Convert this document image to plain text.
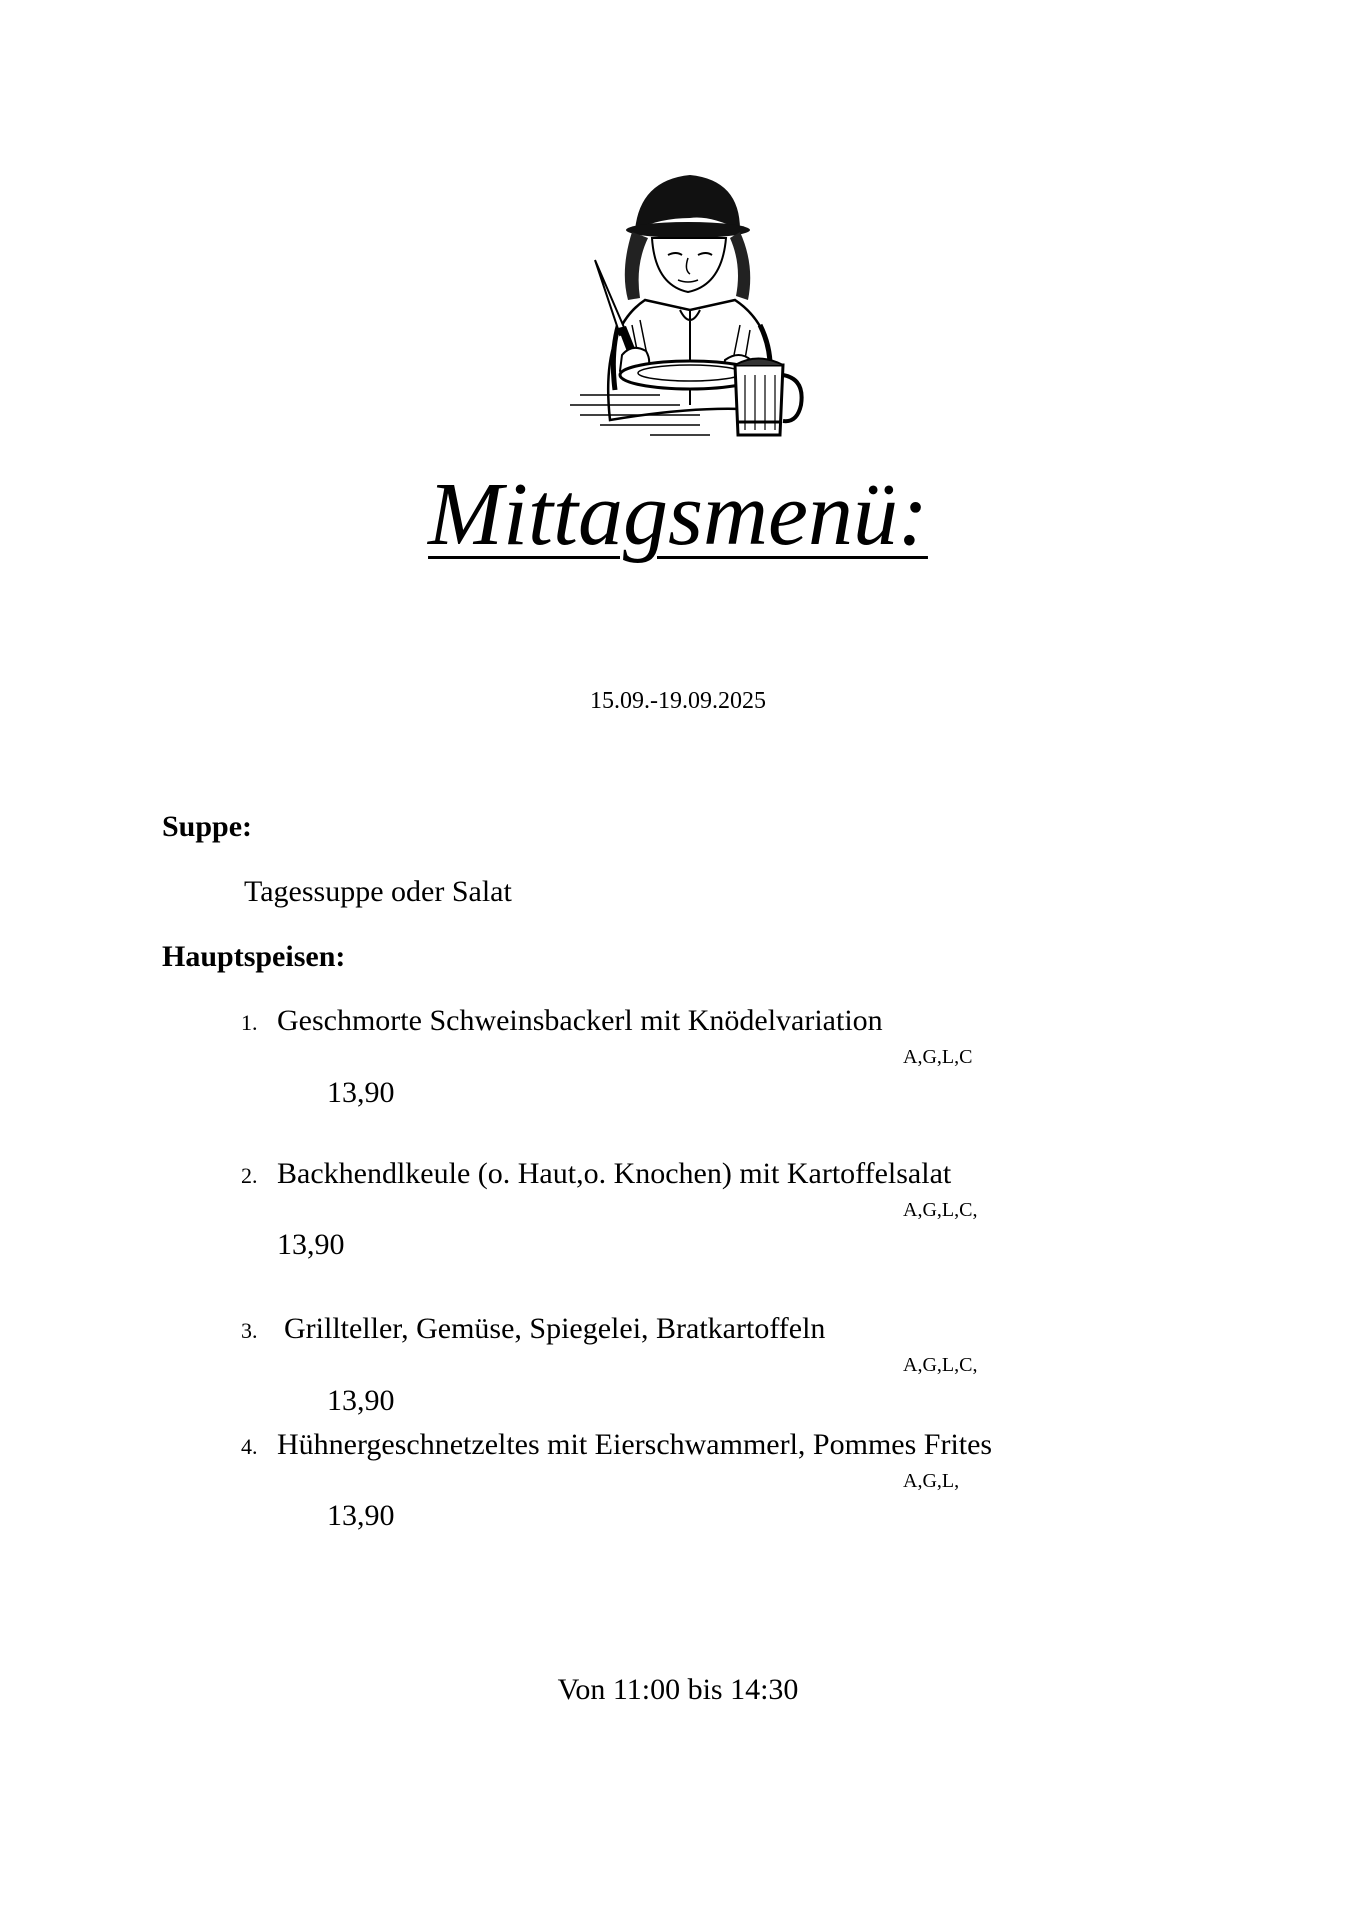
Mittagsmenü:
15.09.-19.09.2025
Suppe:
Tagessuppe oder Salat
Hauptspeisen:
1. Geschmorte Schweinsbackerl mit Knödelvariation
A,G,L,C
13,90
2. Backhendlkeule (o. Haut,o. Knochen) mit Kartoffelsalat
A,G,L,C,
13,90
3. Grillteller, Gemüse, Spiegelei, Bratkartoffeln
A,G,L,C,
13,90
4. Hühnergeschnetzeltes mit Eierschwammerl, Pommes Frites
A,G,L,
13,90
Von 11:00 bis 14:30
